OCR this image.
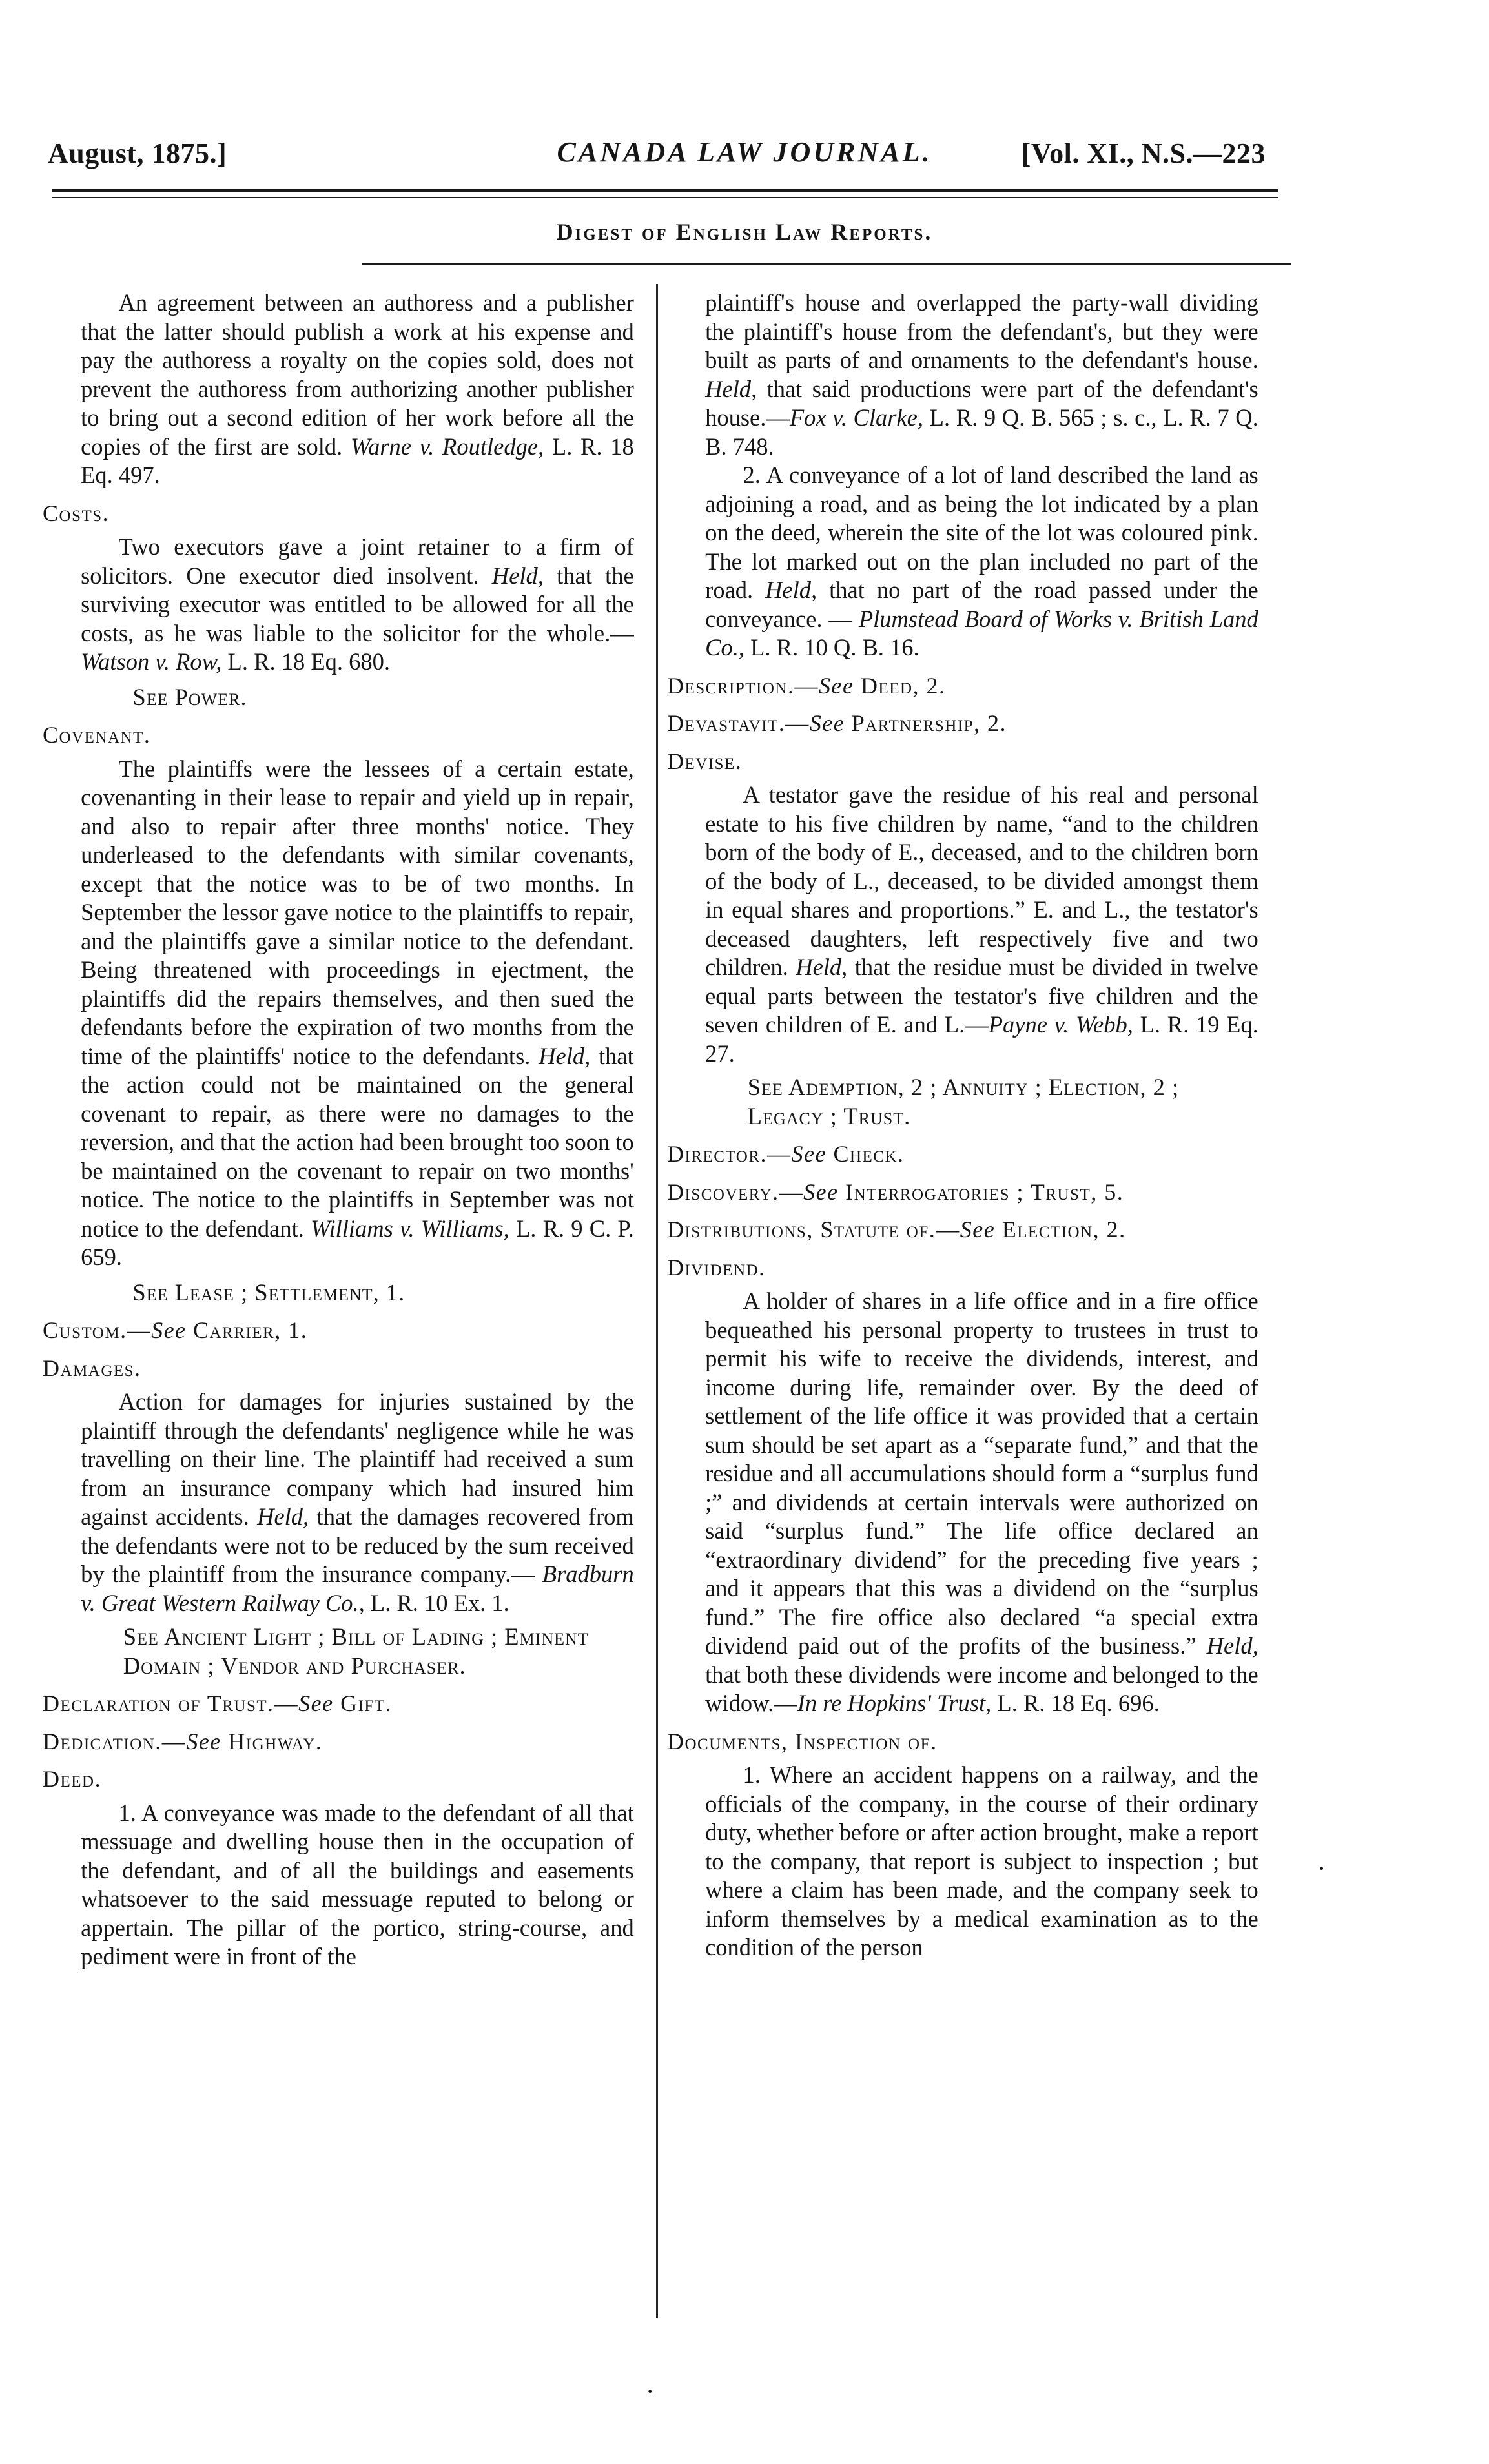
August, 1875.]	CANADA LAW JOURNAL.	[Vol. XI., N.S.—223
Digest of English Law Reports.

An agreement between an authoress and a publisher that the latter should publish a work at his expense and pay the authoress a royalty on the copies sold, does not prevent the authoress from authorizing another publisher to bring out a second edition of her work before all the copies of the first are sold. Warne v. Routledge, L. R. 18 Eq. 497.

Costs.

Two executors gave a joint retainer to a firm of solicitors. One executor died insolvent. Held, that the surviving executor was entitled to be allowed for all the costs, as he was liable to the solicitor for the whole.— Watson v. Row, L. R. 18 Eq. 680.

See Power.
Covenant.

The plaintiffs were the lessees of a certain estate, covenanting in their lease to repair and yield up in repair, and also to repair after three months' notice. They underleased to the defendants with similar covenants, except that the notice was to be of two months. In September the lessor gave notice to the plaintiffs to repair, and the plaintiffs gave a similar notice to the defendant. Being threatened with proceedings in ejectment, the plaintiffs did the repairs themselves, and then sued the defendants before the expiration of two months from the time of the plaintiffs' notice to the defendants. Held, that the action could not be maintained on the general covenant to repair, as there were no damages to the reversion, and that the action had been brought too soon to be maintained on the covenant to repair on two months' notice. The notice to the plaintiffs in September was not notice to the defendant. Williams v. Williams, L. R. 9 C. P. 659.

See Lease ; Settlement, 1.
Custom.—See Carrier, 1.
Damages.

Action for damages for injuries sustained by the plaintiff through the defendants' negligence while he was travelling on their line. The plaintiff had received a sum from an insurance company which had insured him against accidents. Held, that the damages recovered from the defendants were not to be reduced by the sum received by the plaintiff from the insurance company.— Bradburn v. Great Western Railway Co., L. R. 10 Ex. 1.

See Ancient Light ; Bill of Lading ; Eminent Domain ; Vendor and Purchaser.
Declaration of Trust.—See Gift.
Dedication.—See Highway.
Deed.

1. A conveyance was made to the defendant of all that messuage and dwelling house then in the occupation of the defendant, and of all the buildings and easements whatsoever to the said messuage reputed to belong or appertain. The pillar of the portico, string-course, and pediment were in front of the

plaintiff's house and overlapped the party-wall dividing the plaintiff's house from the defendant's, but they were built as parts of and ornaments to the defendant's house. Held, that said productions were part of the defendant's house.—Fox v. Clarke, L. R. 9 Q. B. 565 ; s. c., L. R. 7 Q. B. 748.

2. A conveyance of a lot of land described the land as adjoining a road, and as being the lot indicated by a plan on the deed, wherein the site of the lot was coloured pink. The lot marked out on the plan included no part of the road. Held, that no part of the road passed under the conveyance. — Plumstead Board of Works v. British Land Co., L. R. 10 Q. B. 16.

Description.—See Deed, 2.
Devastavit.—See Partnership, 2.
Devise.

A testator gave the residue of his real and personal estate to his five children by name, “and to the children born of the body of E., deceased, and to the children born of the body of L., deceased, to be divided amongst them in equal shares and proportions.” E. and L., the testator's deceased daughters, left respectively five and two children. Held, that the residue must be divided in twelve equal parts between the testator's five children and the seven children of E. and L.—Payne v. Webb, L. R. 19 Eq. 27.

See Ademption, 2 ; Annuity ; Election, 2 ; Legacy ; Trust.
Director.—See Check.
Discovery.—See Interrogatories ; Trust, 5.
Distributions, Statute of.—See Election, 2.
Dividend.

A holder of shares in a life office and in a fire office bequeathed his personal property to trustees in trust to permit his wife to receive the dividends, interest, and income during life, remainder over. By the deed of settlement of the life office it was provided that a certain sum should be set apart as a “separate fund,” and that the residue and all accumulations should form a “surplus fund ;” and dividends at certain intervals were authorized on said “surplus fund.” The life office declared an “extraordinary dividend” for the preceding five years ; and it appears that this was a dividend on the “surplus fund.” The fire office also declared “a special extra dividend paid out of the profits of the business.” Held, that both these dividends were income and belonged to the widow.—In re Hopkins' Trust, L. R. 18 Eq. 696.

Documents, Inspection of.

1. Where an accident happens on a railway, and the officials of the company, in the course of their ordinary duty, whether before or after action brought, make a report to the company, that report is subject to inspection ; but where a claim has been made, and the company seek to inform themselves by a medical examination as to the condition of the person

·
·
